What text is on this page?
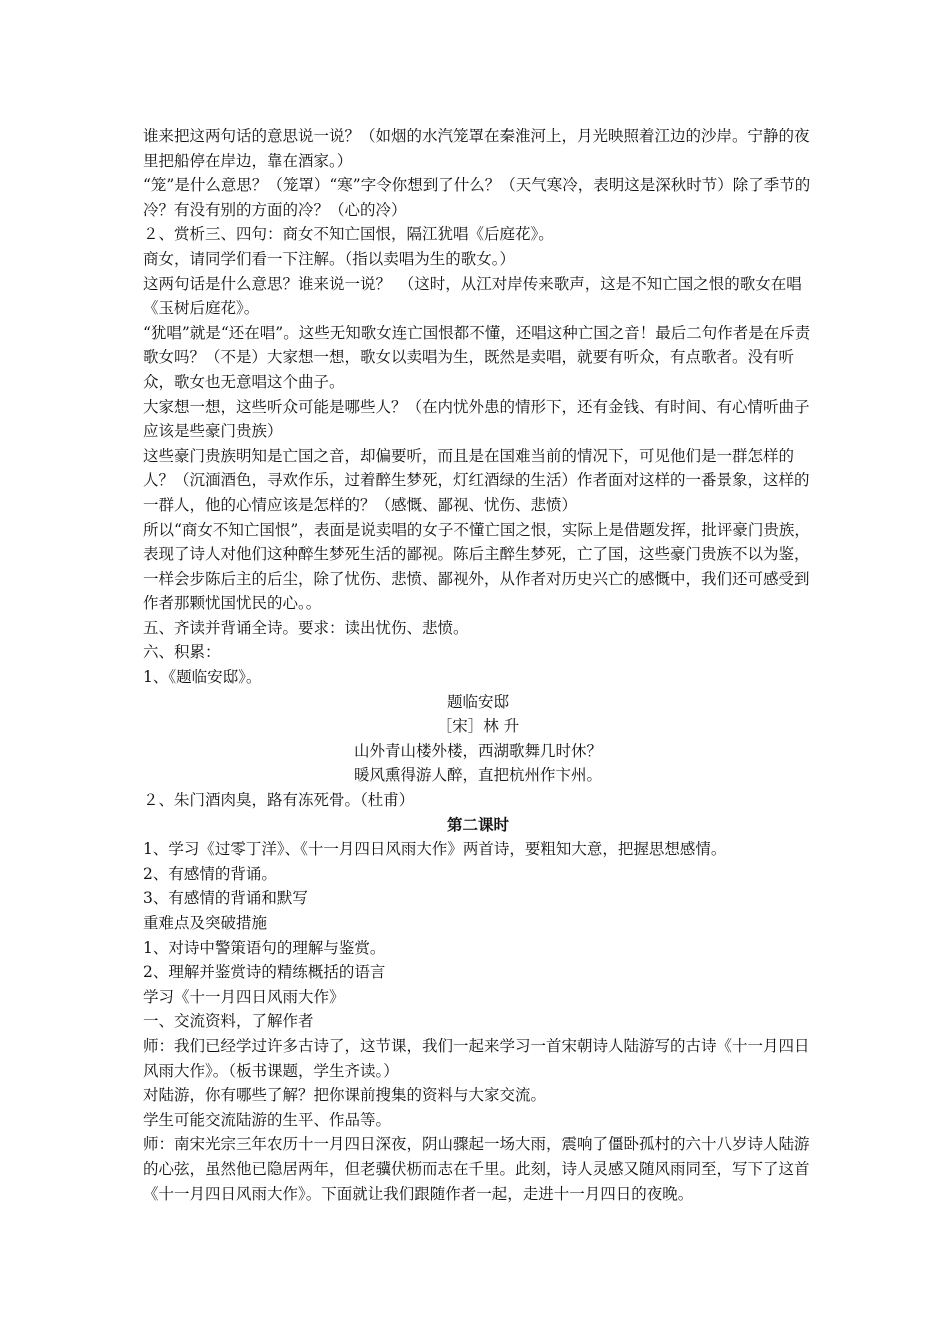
谁来把这两句话的意思说一说？（如烟的水汽笼罩在秦淮河上，月光映照着江边的沙岸。宁静的夜里把船停在岸边，靠在酒家。）

“笼”是什么意思？（笼罩）“寒”字令你想到了什么？（天气寒冷，表明这是深秋时节）除了季节的冷？有没有别的方面的冷？（心的冷）

２、赏析三、四句：商女不知亡国恨，隔江犹唱《后庭花》。

商女，请同学们看一下注解。（指以卖唱为生的歌女。）

这两句话是什么意思？谁来说一说？　（这时，从江对岸传来歌声，这是不知亡国之恨的歌女在唱《玉树后庭花》。

“犹唱”就是“还在唱”。这些无知歌女连亡国恨都不懂，还唱这种亡国之音！最后二句作者是在斥责歌女吗？（不是）大家想一想，歌女以卖唱为生，既然是卖唱，就要有听众，有点歌者。没有听众，歌女也无意唱这个曲子。

大家想一想，这些听众可能是哪些人？（在内忧外患的情形下，还有金钱、有时间、有心情听曲子应该是些豪门贵族）

这些豪门贵族明知是亡国之音，却偏要听，而且是在国难当前的情况下，可见他们是一群怎样的人？（沉湎酒色，寻欢作乐，过着醉生梦死，灯红酒绿的生活）作者面对这样的一番景象，这样的一群人，他的心情应该是怎样的？（感慨、鄙视、忧伤、悲愤）

所以“商女不知亡国恨”，表面是说卖唱的女子不懂亡国之恨，实际上是借题发挥，批评豪门贵族，表现了诗人对他们这种醉生梦死生活的鄙视。陈后主醉生梦死，亡了国，这些豪门贵族不以为鉴，一样会步陈后主的后尘，除了忧伤、悲愤、鄙视外，从作者对历史兴亡的感慨中，我们还可感受到作者那颗忧国忧民的心。。

五、齐读并背诵全诗。要求：读出忧伤、悲愤。

六、积累：

1、《题临安邸》。

题临安邸

［宋］林 升

山外青山楼外楼，西湖歌舞几时休？

暖风熏得游人醉，直把杭州作卞州。

２、朱门酒肉臭，路有冻死骨。（杜甫）

第二课时

1、学习《过零丁洋》、《十一月四日风雨大作》两首诗，要粗知大意，把握思想感情。

2、有感情的背诵。

3、有感情的背诵和默写

重难点及突破措施

1、对诗中警策语句的理解与鉴赏。

2、理解并鉴赏诗的精练概括的语言

学习《十一月四日风雨大作》

一、交流资料，了解作者

师：我们已经学过许多古诗了，这节课，我们一起来学习一首宋朝诗人陆游写的古诗《十一月四日风雨大作》。（板书课题，学生齐读。）

对陆游，你有哪些了解？把你课前搜集的资料与大家交流。

学生可能交流陆游的生平、作品等。

师：南宋光宗三年农历十一月四日深夜，阴山骤起一场大雨，震响了僵卧孤村的六十八岁诗人陆游的心弦，虽然他已隐居两年，但老骥伏枥而志在千里。此刻，诗人灵感又随风雨同至，写下了这首《十一月四日风雨大作》。下面就让我们跟随作者一起，走进十一月四日的夜晚。
